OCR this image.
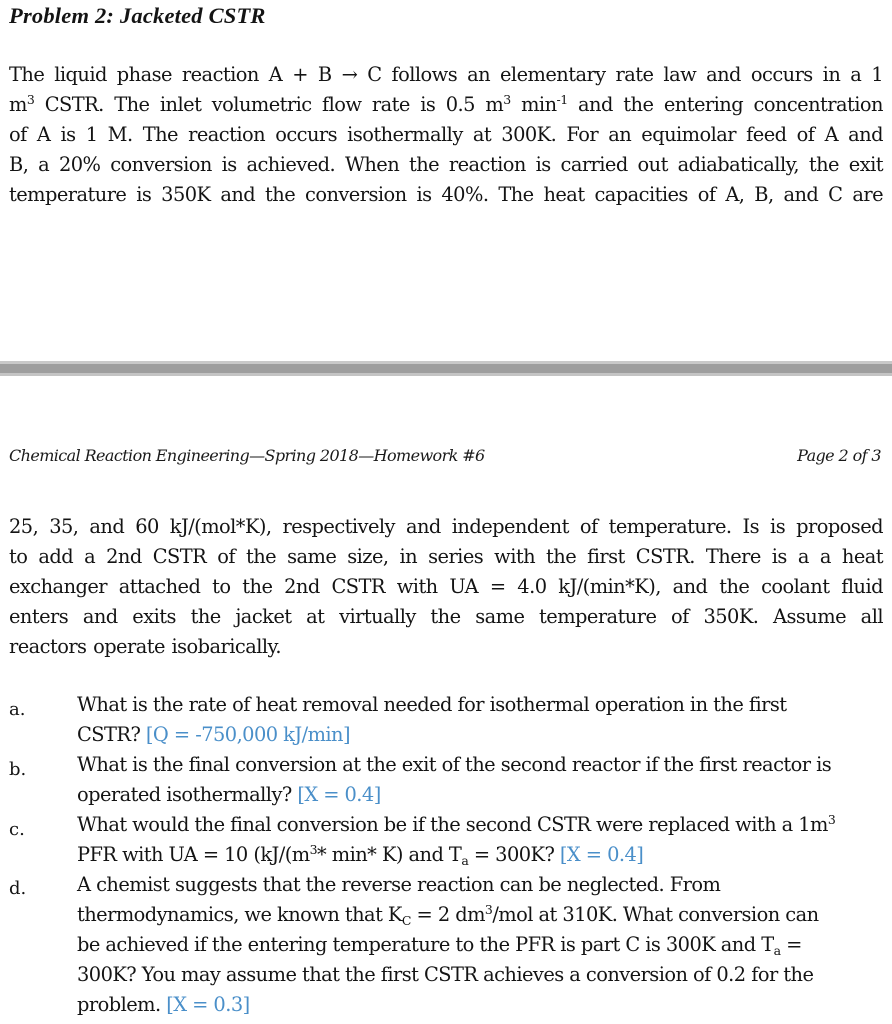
Problem 2: Jacketed CSTR
The liquid phase reaction A + B → C follows an elementary rate law and occurs in a 1
$m^3$ CSTR. The inlet volumetric flow rate is 0.5 $m^3$ $\min^{-1}$ and the entering concentration
of A is 1 M. The reaction occurs isothermally at 300K. For an equimolar feed of A and
B, a 20% conversion is achieved. When the reaction is carried out adiabatically, the exit
temperature is 350K and the conversion is 40%. The heat capacities of A, B, and C are
Chemical Reaction Engineering—Spring 2018—Homework #6	Page 2 of 3
25, 35, and 60 kJ/(mol*K), respectively and independent of temperature. Is is proposed
to add a 2nd CSTR of the same size, in series with the first CSTR. There is a a heat
exchanger attached to the 2nd CSTR with UA = 4.0 kJ/(min*K), and the coolant fluid
enters and exits the jacket at virtually the same temperature of 350K. Assume all
reactors operate isobarically.
a.	What is the rate of heat removal needed for isothermal operation in the first
CSTR? [Q = -750,000 kJ/min]
b.	What is the final conversion at the exit of the second reactor if the first reactor is
operated isothermally? [X = 0.4]
c.	What would the final conversion be if the second CSTR were replaced with a $1m^3$
PFR with UA = 10 ($kJ/(m^3*$ min* K) and $T_a = 300K$? [X = 0.4]
d.	A chemist suggests that the reverse reaction can be neglected. From
thermodynamics, we known that $K_C = 2$ $dm^3$/mol at 310K. What conversion can
be achieved if the entering temperature to the PFR is part C is 300K and $T_a$ =
300K? You may assume that the first CSTR achieves a conversion of 0.2 for the
problem. [X = 0.3]
